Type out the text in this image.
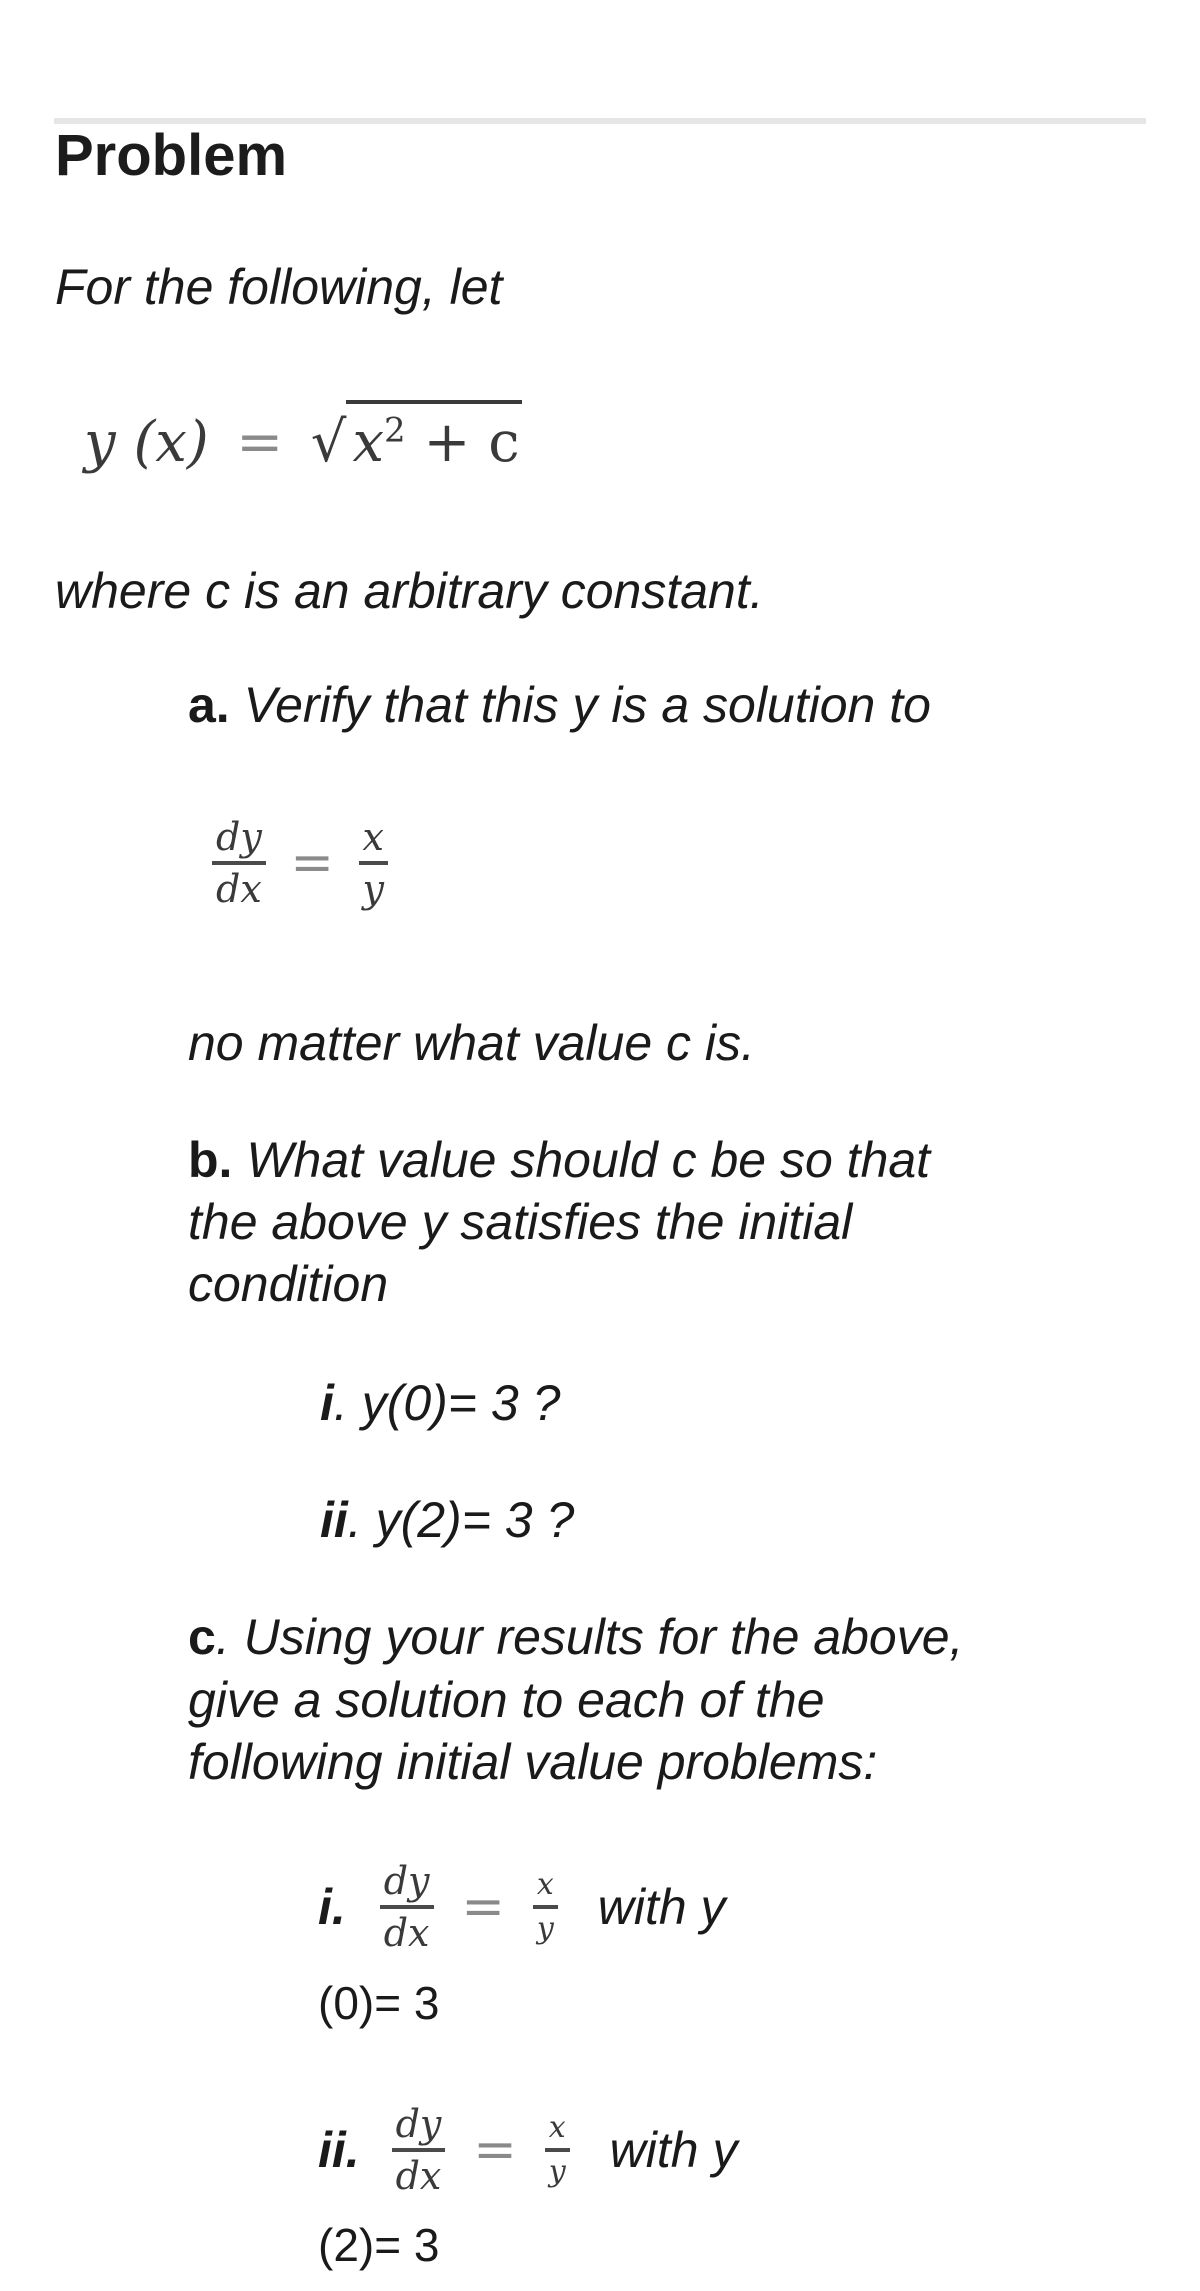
Problem
For the following, let
y (x) = √ $x^2 + c$
where c is an arbitrary constant.
a. Verify that this y is a solution to
$\frac{dy}{dx} = \frac{x}{y}$
no matter what value c is.
b. What value should c be so that
the above y satisfies the initial
condition
i. y(0)= 3 ?
ii. y(2)= 3 ?
c. Using your results for the above,
give a solution to each of the
following initial value problems:
i. $\frac{dy}{dx} = \frac{x}{y}$ with y
(0)= 3
ii. $\frac{dy}{dx} = \frac{x}{y}$ with y
(2)= 3
